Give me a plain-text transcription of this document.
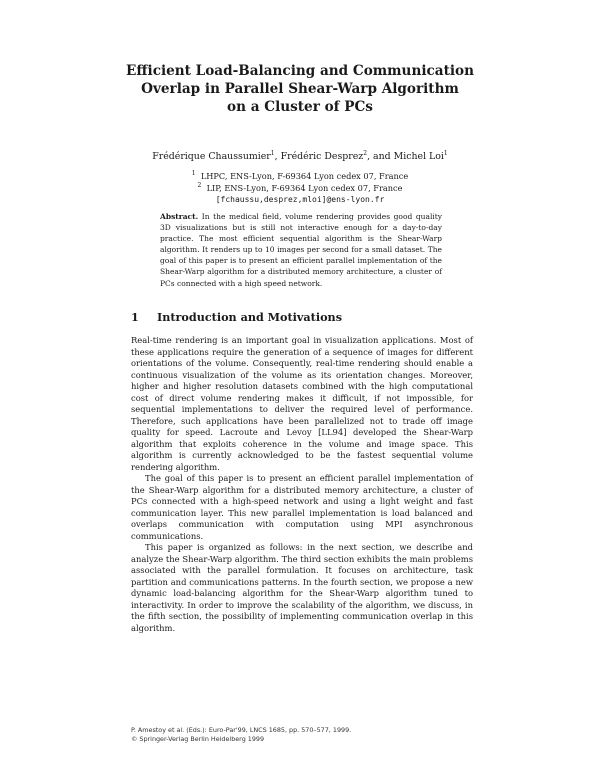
Efficient Load-Balancing and Communication
Overlap in Parallel Shear-Warp Algorithm
on a Cluster of PCs
Frédérique Chaussumier$^1$, Frédéric Desprez$^2$, and Michel Loi$^1$
$^1$ LHPC, ENS-Lyon, F-69364 Lyon cedex 07, France
$^2$ LIP, ENS-Lyon, F-69364 Lyon cedex 07, France
[fchaussu,desprez,mloi]@ens-lyon.fr
Abstract. In the medical field, volume rendering provides good quality 3D visualizations but is still not interactive enough for a day-to-day practice. The most efficient sequential algorithm is the Shear-Warp algorithm. It renders up to 10 images per second for a small dataset. The goal of this paper is to present an efficient parallel implementation of the Shear-Warp algorithm for a distributed memory architecture, a cluster of PCs connected with a high speed network.
1 Introduction and Motivations

Real-time rendering is an important goal in visualization applications. Most of these applications require the generation of a sequence of images for different orientations of the volume. Consequently, real-time rendering should enable a continuous visualization of the volume as its orientation changes. Moreover, higher and higher resolution datasets combined with the high computational cost of direct volume rendering makes it difficult, if not impossible, for sequential implementations to deliver the required level of performance. Therefore, such applications have been parallelized not to trade off image quality for speed. Lacroute and Levoy [LL94] developed the Shear-Warp algorithm that exploits coherence in the volume and image space. This algorithm is currently acknowledged to be the fastest sequential volume rendering algorithm.

The goal of this paper is to present an efficient parallel implementation of the Shear-Warp algorithm for a distributed memory architecture, a cluster of PCs connected with a high-speed network and using a light weight and fast communication layer. This new parallel implementation is load balanced and overlaps communication with computation using MPI asynchronous communications.

This paper is organized as follows: in the next section, we describe and analyze the Shear-Warp algorithm. The third section exhibits the main problems associated with the parallel formulation. It focuses on architecture, task partition and communications patterns. In the fourth section, we propose a new dynamic load-balancing algorithm for the Shear-Warp algorithm tuned to interactivity. In order to improve the scalability of the algorithm, we discuss, in the fifth section, the possibility of implementing communication overlap in this algorithm.

P. Amestoy et al. (Eds.): Euro-Par'99, LNCS 1685, pp. 570–577, 1999.
© Springer-Verlag Berlin Heidelberg 1999
